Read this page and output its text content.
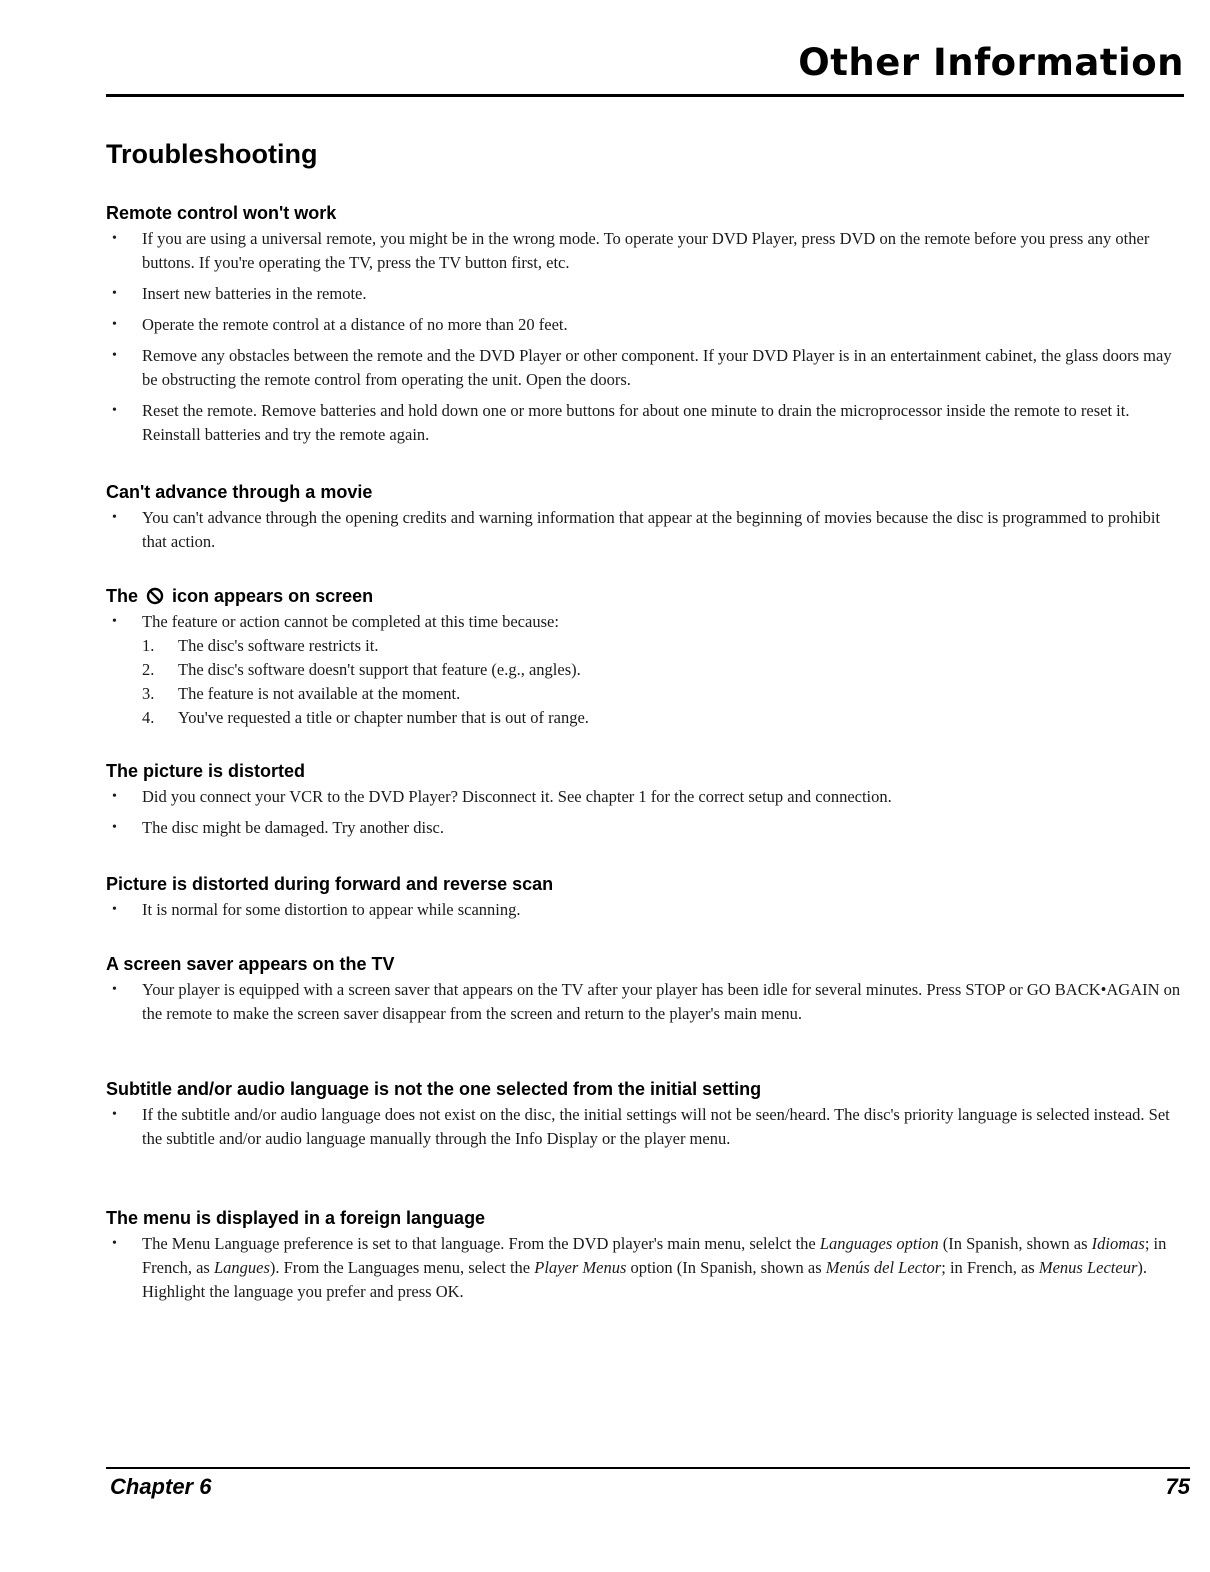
Other Information
Troubleshooting
Remote control won't work
• If you are using a universal remote, you might be in the wrong mode. To operate your DVD Player, press DVD on the remote before you press any other buttons. If you're operating the TV, press the TV button first, etc.
• Insert new batteries in the remote.
• Operate the remote control at a distance of no more than 20 feet.
• Remove any obstacles between the remote and the DVD Player or other component. If your DVD Player is in an entertainment cabinet, the glass doors may be obstructing the remote control from operating the unit. Open the doors.
• Reset the remote. Remove batteries and hold down one or more buttons for about one minute to drain the microprocessor inside the remote to reset it. Reinstall batteries and try the remote again.
Can't advance through a movie
• You can't advance through the opening credits and warning information that appear at the beginning of movies because the disc is programmed to prohibit that action.
The icon appears on screen
• The feature or action cannot be completed at this time because:
1. The disc's software restricts it.
2. The disc's software doesn't support that feature (e.g., angles).
3. The feature is not available at the moment.
4. You've requested a title or chapter number that is out of range.
The picture is distorted
• Did you connect your VCR to the DVD Player? Disconnect it. See chapter 1 for the correct setup and connection.
• The disc might be damaged. Try another disc.
Picture is distorted during forward and reverse scan
• It is normal for some distortion to appear while scanning.
A screen saver appears on the TV
• Your player is equipped with a screen saver that appears on the TV after your player has been idle for several minutes. Press STOP or GO BACK•AGAIN on the remote to make the screen saver disappear from the screen and return to the player's main menu.
Subtitle and/or audio language is not the one selected from the initial setting
• If the subtitle and/or audio language does not exist on the disc, the initial settings will not be seen/heard. The disc's priority language is selected instead. Set the subtitle and/or audio language manually through the Info Display or the player menu.
The menu is displayed in a foreign language
• The Menu Language preference is set to that language. From the DVD player's main menu, selelct the Languages option (In Spanish, shown as Idiomas; in French, as Langues). From the Languages menu, select the Player Menus option (In Spanish, shown as Menús del Lector; in French, as Menus Lecteur). Highlight the language you prefer and press OK.
Chapter 6	75
